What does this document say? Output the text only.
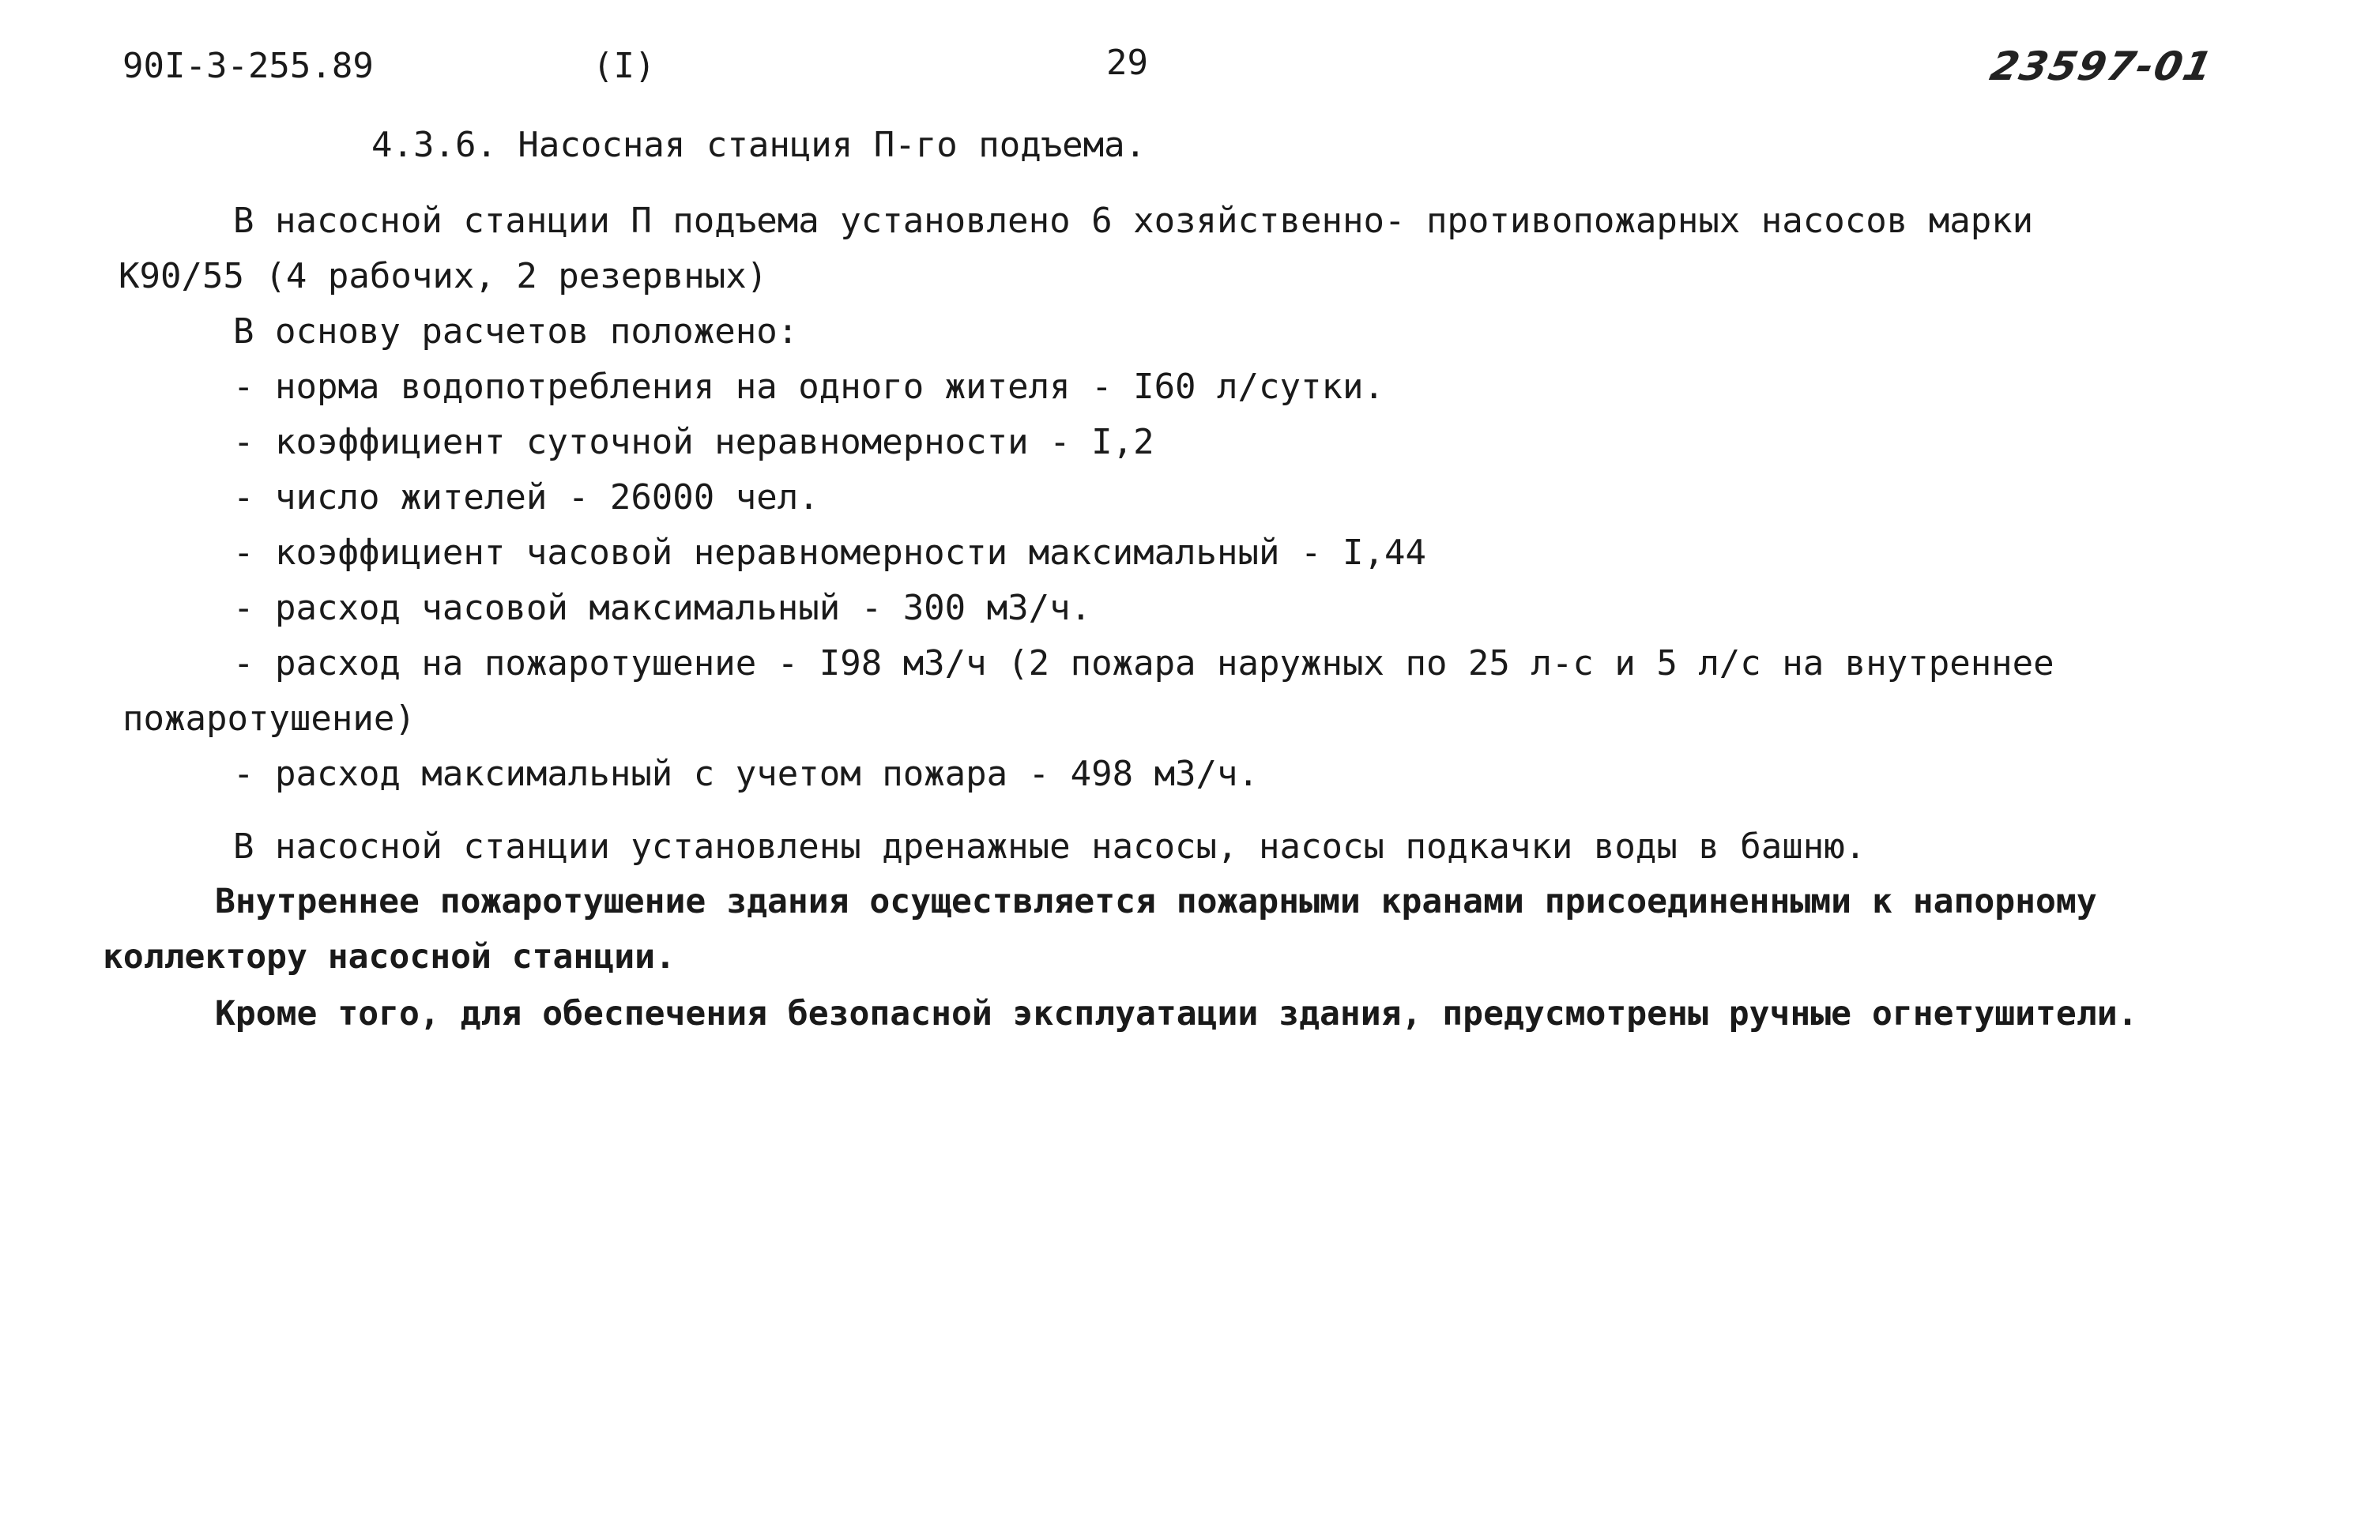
90I-3-255.89	(I)	29	23597-01
4.3.6. Насосная станция П-го подъема.
В насосной станции П подъема установлено 6 хозяйственно- противопожарных насосов марки
К90/55 (4 рабочих, 2 резервных)
В основу расчетов положено:
- норма водопотребления на одного жителя - I60 л/сутки.
- коэффициент суточной неравномерности - I,2
- число жителей - 26000 чел.
- коэффициент часовой неравномерности максимальный - I,44
- расход часовой максимальный - 300 м3/ч.
- расход на пожаротушение - I98 м3/ч (2 пожара наружных по 25 л-с и 5 л/с на внутреннее
пожаротушение)
- расход максимальный с учетом пожара - 498 м3/ч.
В насосной станции установлены дренажные насосы, насосы подкачки воды в башню.
Внутреннее пожаротушение здания осуществляется пожарными кранами присоединенными к напорному
коллектору насосной станции.
Кроме того, для обеспечения безопасной эксплуатации здания, предусмотрены ручные огнетушители.
